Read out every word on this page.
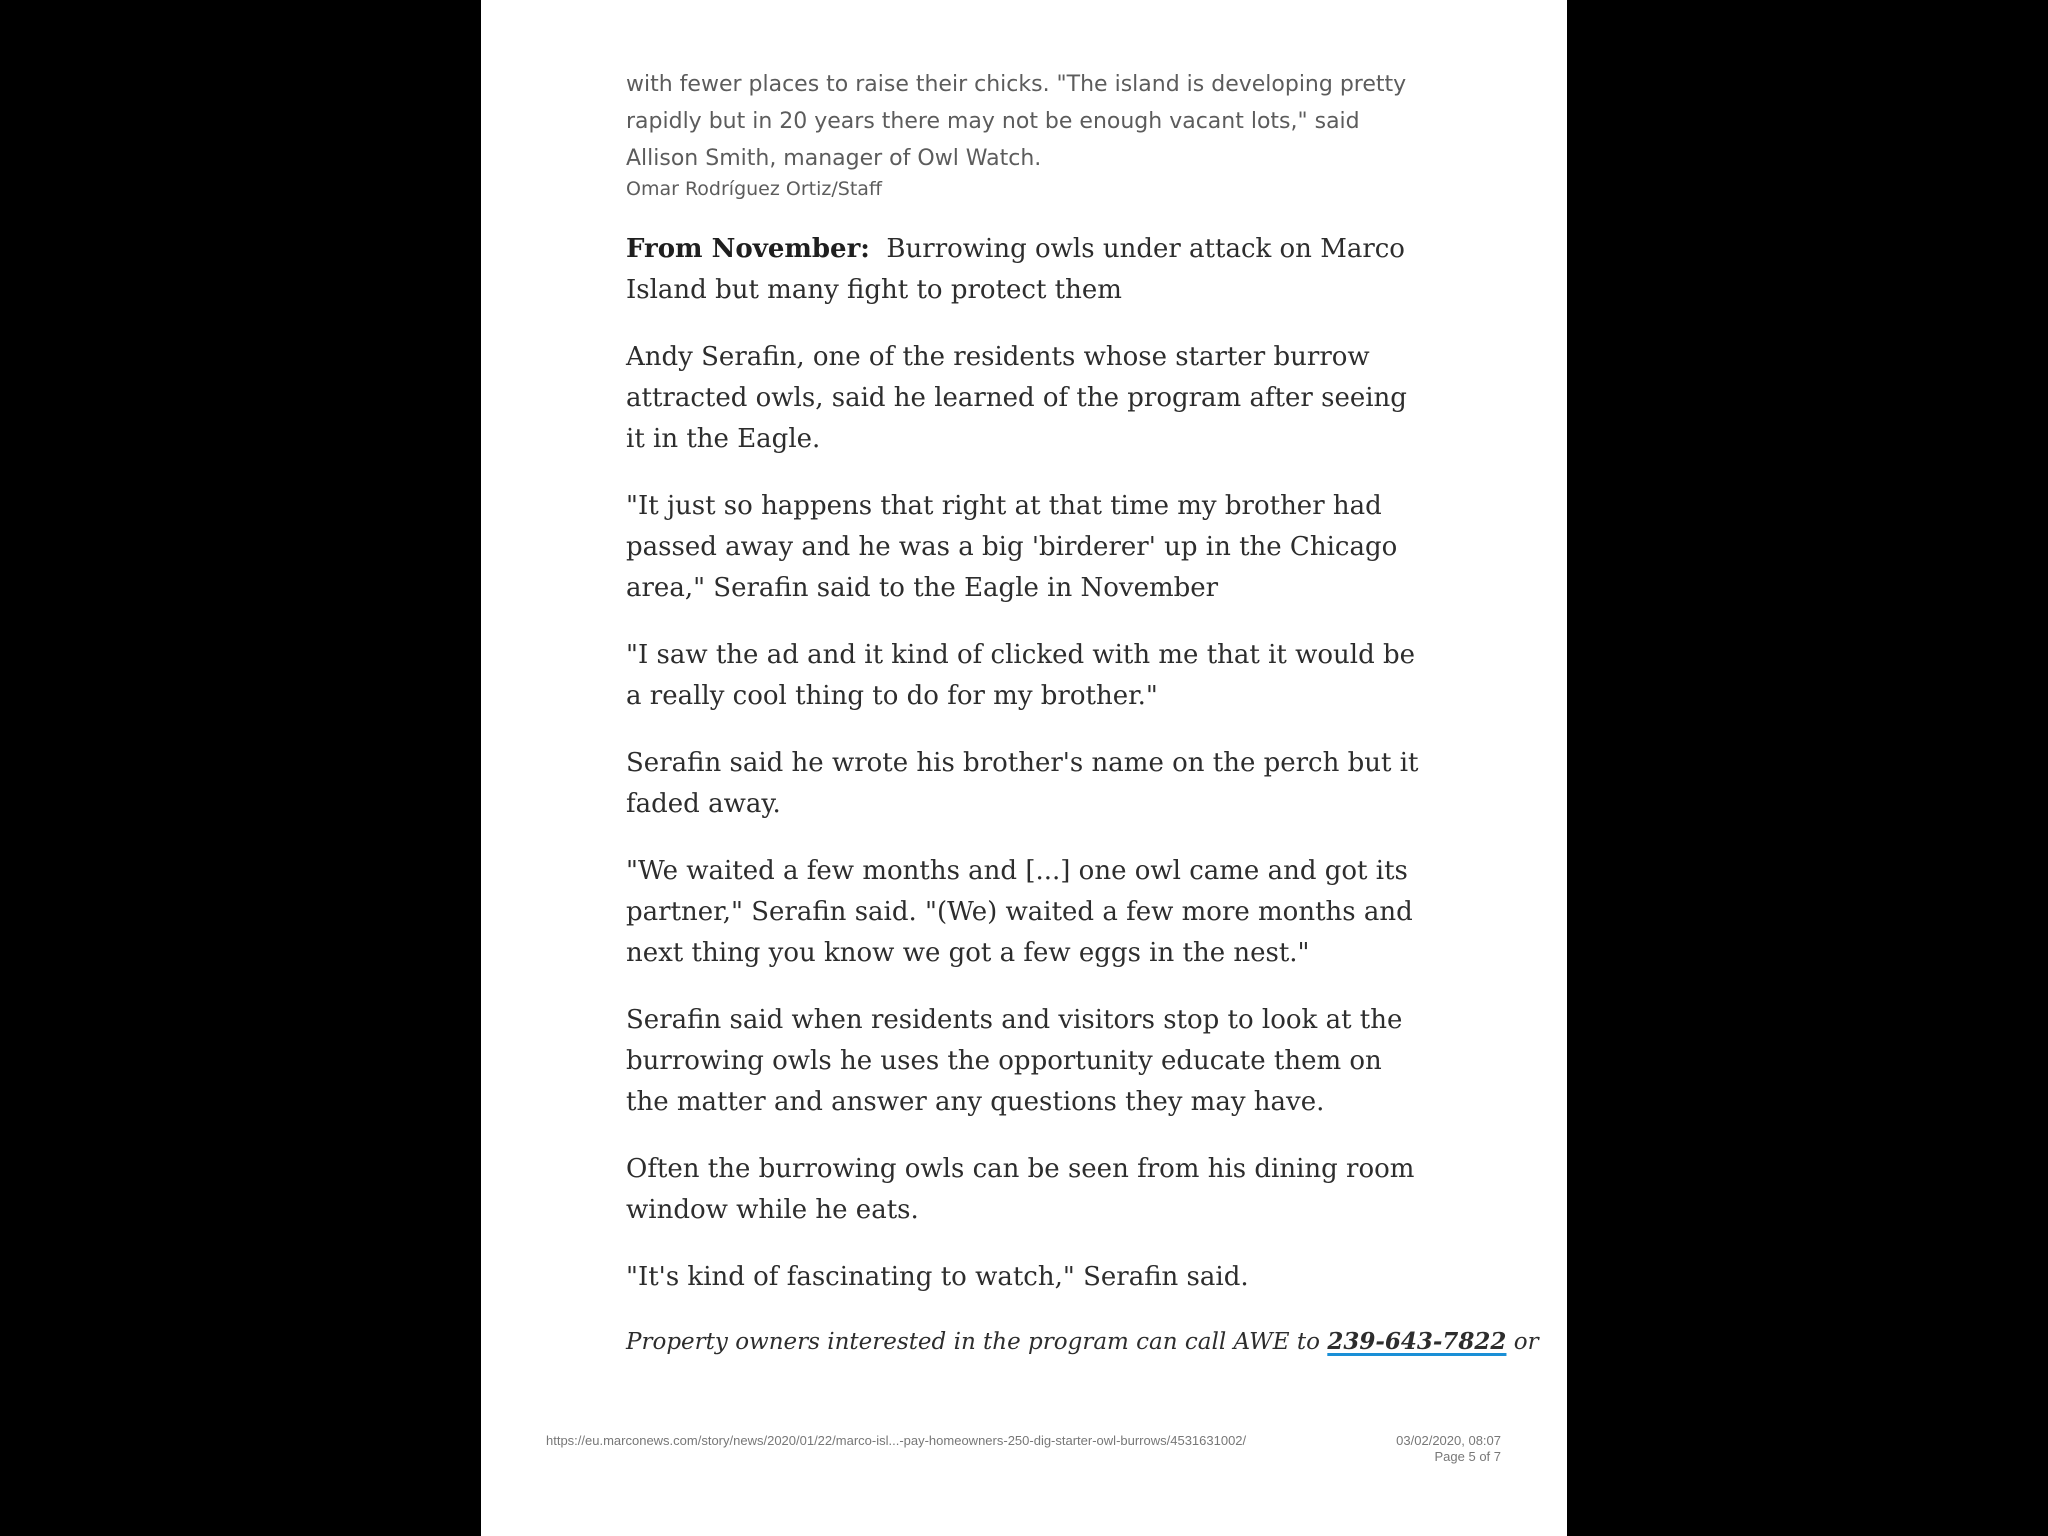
with fewer places to raise their chicks. "The island is developing pretty rapidly but in 20 years there may not be enough vacant lots," said Allison Smith, manager of Owl Watch.

Omar Rodríguez Ortiz/Staff

From November: Burrowing owls under attack on Marco Island but many fight to protect them

Andy Serafin, one of the residents whose starter burrow attracted owls, said he learned of the program after seeing it in the Eagle.

"It just so happens that right at that time my brother had passed away and he was a big 'birderer' up in the Chicago area," Serafin said to the Eagle in November

"I saw the ad and it kind of clicked with me that it would be a really cool thing to do for my brother."

Serafin said he wrote his brother's name on the perch but it faded away.

"We waited a few months and [...] one owl came and got its partner," Serafin said. "(We) waited a few more months and next thing you know we got a few eggs in the nest."

Serafin said when residents and visitors stop to look at the burrowing owls he uses the opportunity educate them on the matter and answer any questions they may have.

Often the burrowing owls can be seen from his dining room window while he eats.

"It's kind of fascinating to watch," Serafin said.

Property owners interested in the program can call AWE to 239-643-7822 or

https://eu.marconews.com/story/news/2020/01/22/marco-isl...-pay-homeowners-250-dig-starter-owl-burrows/4531631002/	03/02/2020, 08:07
Page 5 of 7
